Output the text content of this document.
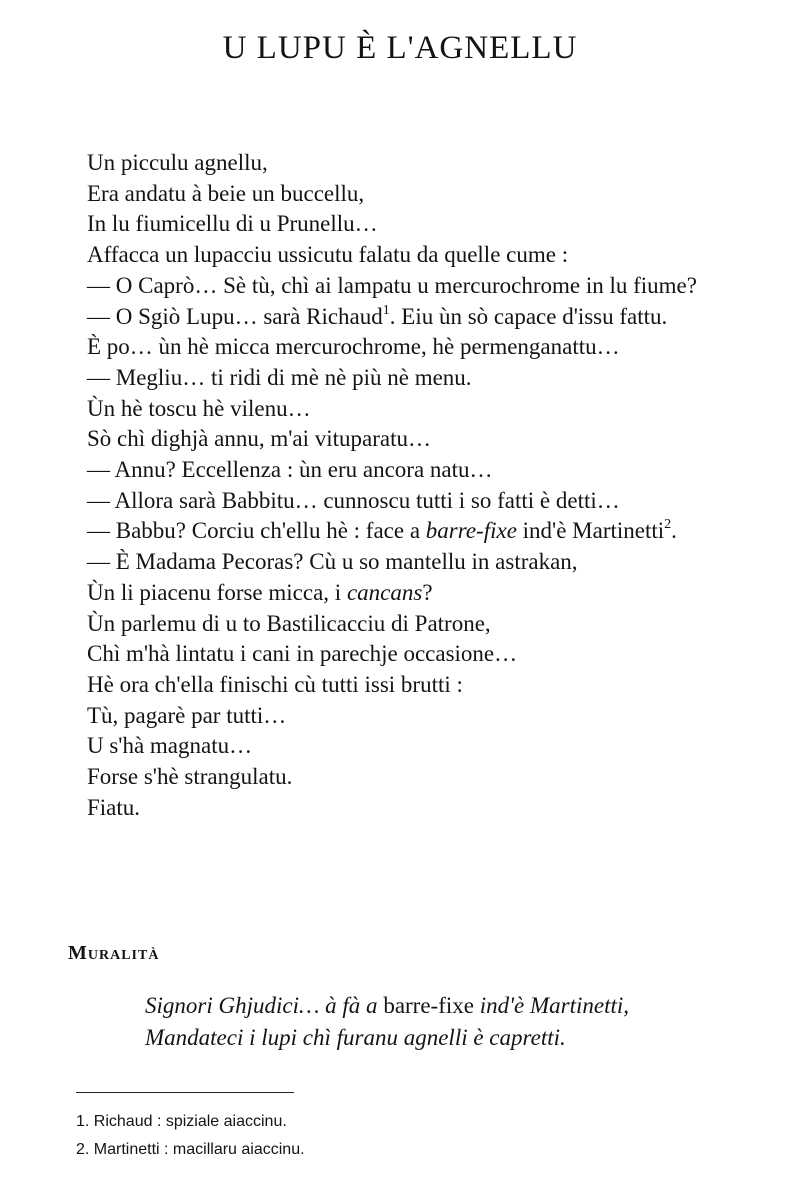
U LUPU È L'AGNELLU
Un picculu agnellu,
Era andatu à beie un buccellu,
In lu fiumicellu di u Prunellu…
Affacca un lupacciu ussicutu falatu da quelle cume :
— O Caprò… Sè tù, chì ai lampatu u mercurochrome in lu fiume?
— O Sgiò Lupu… sarà Richaud$^1$. Eiu ùn sò capace d'issu fattu.
È po… ùn hè micca mercurochrome, hè permenganattu…
— Megliu… ti ridi di mè nè più nè menu.
Ùn hè toscu hè vilenu…
Sò chì dighjà annu, m'ai vituparatu…
— Annu? Eccellenza : ùn eru ancora natu…
— Allora sarà Babbitu… cunnoscu tutti i so fatti è detti…
— Babbu? Corciu ch'ellu hè : face a barre-fixe ind'è Martinetti$^2$.
— È Madama Pecoras? Cù u so mantellu in astrakan,
Ùn li piacenu forse micca, i cancans?
Ùn parlemu di u to Bastilicacciu di Patrone,
Chì m'hà lintatu i cani in parechje occasione…
Hè ora ch'ella finischi cù tutti issi brutti :
Tù, pagarè par tutti…
U s'hà magnatu…
Forse s'hè strangulatu.
Fiatu.
Muralità
Signori Ghjudici… à fà a barre-fixe ind'è Martinetti,
Mandateci i lupi chì furanu agnelli è capretti.
1. Richaud : spiziale aiaccinu.
2. Martinetti : macillaru aiaccinu.
